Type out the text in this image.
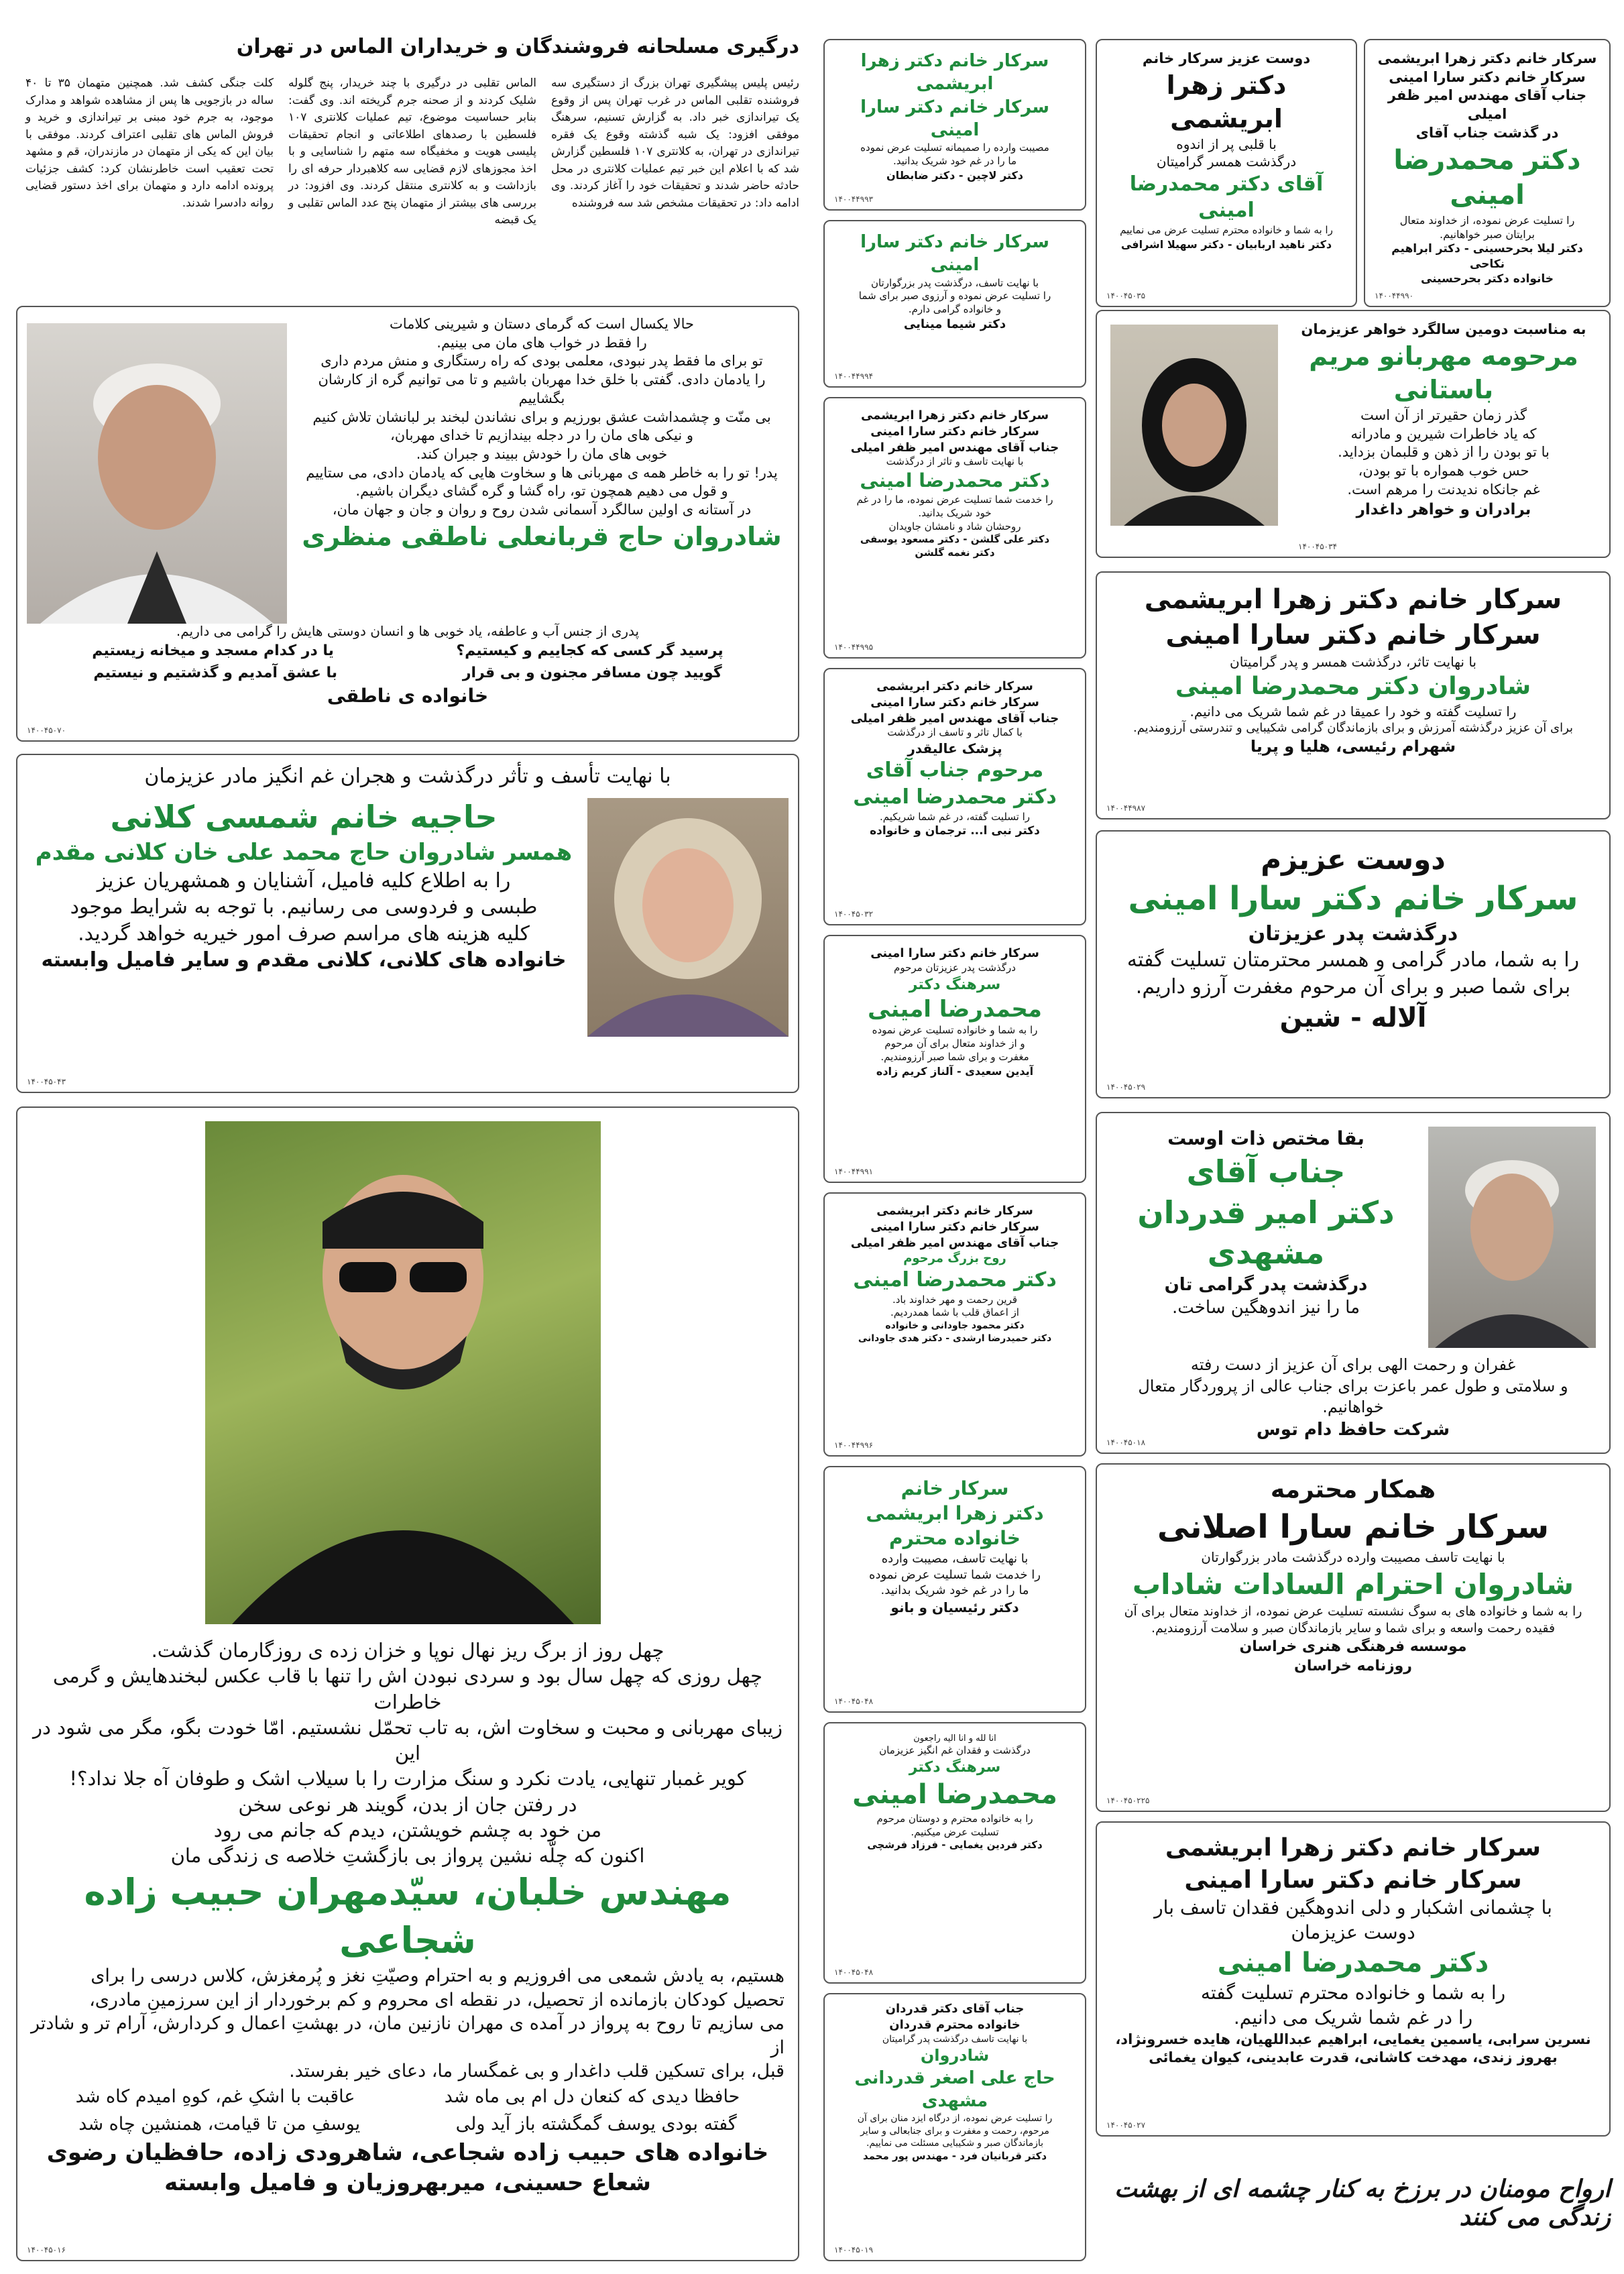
درگیری مسلحانه فروشندگان و خریداران الماس در تهران
رئیس پلیس پیشگیری تهران بزرگ از دستگیری سه فروشنده تقلبی الماس در غرب تهران پس از وقوع یک تیراندازی خبر داد. به گزارش تسنیم، سرهنگ موفقی افزود: یک شبه گذشته وقوع یک فقره تیراندازی در تهران، به کلانتری ۱۰۷ فلسطین گزارش شد که با اعلام این خبر تیم عملیات کلانتری در محل حادثه حاضر شدند و تحقیقات خود را آغاز کردند. وی ادامه داد: در تحقیقات مشخص شد سه فروشنده
الماس تقلبی در درگیری با چند خریدار، پنج گلوله شلیک کردند و از صحنه جرم گریخته اند. وی گفت: بنابر حساسیت موضوع، تیم عملیات کلانتری ۱۰۷ فلسطین با رصدهای اطلاعاتی و انجام تحقیقات پلیسی هویت و مخفیگاه سه متهم را شناسایی و با اخذ مجوزهای لازم قضایی سه کلاهبردار حرفه ای را بازداشت و به کلانتری منتقل کردند. وی افزود: در بررسی های بیشتر از متهمان پنج عدد الماس تقلبی و یک قبضه
کلت جنگی کشف شد. همچنین متهمان ۳۵ تا ۴۰ ساله در بازجویی ها پس از مشاهده شواهد و مدارک موجود، به جرم خود مبنی بر تیراندازی و خرید و فروش الماس های تقلبی اعتراف کردند. موفقی با بیان این که یکی از متهمان در مازندران، قم و مشهد تحت تعقیب است خاطرنشان کرد: کشف جزئیات پرونده ادامه دارد و متهمان برای اخذ دستور قضایی روانه دادسرا شدند.
سرکار خانم دکتر زهرا ابریشمی
سرکار خانم دکتر سارا امینی
جناب آقای مهندس امیر ظفر امیلی
در گذشت جناب آقای
دکتر محمدرضا امینی
را تسلیت عرض نموده، از خداوند متعال
برایتان صبر خواهانیم.
دکتر لیلا بحرحسینی - دکتر ابراهیم نکاحی
خانواده دکتر بحرحسینی
۱۴۰۰۴۴۹۹۰
به مناسبت دومین سالگرد خواهر عزیزمان
مرحومه مهربانو مریم باستانی
گذر زمان حقیرتر از آن است
که یاد خاطرات شیرین و مادرانه
با تو بودن را از ذهن و قلبمان بزداید.
حس خوب همواره با تو بودن،
غم جانکاه ندیدنت را مرهم است.
برادران و خواهر داغدار
۱۴۰۰۴۵۰۳۴
سرکار خانم دکتر زهرا ابریشمی
سرکار خانم دکتر سارا امینی
با نهایت تاثر، درگذشت همسر و پدر گرامیتان
شادروان دکتر محمدرضا امینی
را تسلیت گفته و خود را عمیقا در غم شما شریک می دانیم.
برای آن عزیز درگذشته آمرزش و برای بازماندگان گرامی شکیبایی و تندرستی آرزومندیم.
شهرام رئیسی، هلیا و پریا
۱۴۰۰۴۴۹۸۷
دوست عزیزم
سرکار خانم دکتر سارا امینی
درگذشت پدر عزیزتان
را به شما، مادر گرامی و همسر محترمتان تسلیت گفته
برای شما صبر و برای آن مرحوم مغفرت آرزو داریم.
آلاله - شین
۱۴۰۰۴۵۰۲۹
بقا مختص ذات اوست
جناب آقای
دکتر امیر قدردان مشهدی
درگذشت پدر گرامی تان
ما را نیز اندوهگین ساخت.
غفران و رحمت الهی برای آن عزیز از دست رفته
و سلامتی و طول عمر باعزت برای جناب عالی از پروردگار متعال خواهانیم.
شرکت حافظ دام توس
۱۴۰۰۴۵۰۱۸
همکار محترمه
سرکار خانم سارا اصلانی
با نهایت تاسف مصیبت وارده درگذشت مادر بزرگوارتان
شادروان احترام السادات شاداب
را به شما و خانواده های به سوگ نشسته تسلیت عرض نموده، از خداوند متعال برای آن
فقیده رحمت واسعه و برای شما و سایر بازماندگان صبر و سلامت آرزومندیم.
موسسه فرهنگی هنری خراسان
روزنامه خراسان
۱۴۰۰۴۵۰۲۲۵
سرکار خانم دکتر زهرا ابریشمی
سرکار خانم دکتر سارا امینی
با چشمانی اشکبار و دلی اندوهگین فقدان تاسف بار
دوست عزیزمان
دکتر محمدرضا امینی
را به شما و خانواده محترم تسلیت گفته
را در غم شما شریک می دانیم.
نسرین سرابی، یاسمین یغمایی، ابراهیم عبداللهیان، هایده خسرونژاد،
بهروز زندی، مهدخت کاشانی، قدرت عابدینی، کیوان یغمائی
۱۴۰۰۴۵۰۲۷
ارواح مومنان در برزخ به کنار چشمه ای از بهشت زندگی می کنند
دوست عزیز سرکار خانم
دکتر زهرا ابریشمی
با قلبی پر از اندوه
درگذشت همسر گرامیتان
آقای دکتر محمدرضا امینی
را به شما و خانواده محترم تسلیت عرض می نماییم
دکتر ناهید اربابیان - دکتر سهیلا اشرافی
۱۴۰۰۴۵۰۳۵
سرکار خانم دکتر زهرا ابریشمی
سرکار خانم دکتر سارا امینی
مصیبت وارده را صمیمانه تسلیت عرض نموده
ما را در غم خود شریک بدانید.
دکتر لاچین - دکتر ضابطان
۱۴۰۰۴۴۹۹۳
سرکار خانم دکتر سارا امینی
با نهایت تاسف، درگذشت پدر بزرگوارتان
را تسلیت عرض نموده و آرزوی صبر برای شما
و خانواده گرامی دارم.
دکتر شیما مینایی
۱۴۰۰۴۴۹۹۴
سرکار خانم دکتر زهرا ابریشمی
سرکار خانم دکتر سارا امینی
جناب آقای مهندس امیر ظفر امیلی
با نهایت تاسف و تاثر از درگذشت
دکتر محمدرضا امینی
را خدمت شما تسلیت عرض نموده، ما را در غم
خود شریک بدانید.
روحشان شاد و نامشان جاویدان
دکتر علی گلشن - دکتر مسعود یوسفی
دکتر نغمه گلشن
۱۴۰۰۴۴۹۹۵
سرکار خانم دکتر ابریشمی
سرکار خانم دکتر سارا امینی
جناب آقای مهندس امیر ظفر امیلی
با کمال تاثر و تاسف از درگذشت
پزشک عالیقدر
مرحوم جناب آقای
دکتر محمدرضا امینی
را تسلیت گفته، در غم شما شریکیم.
دکتر نبی ا... ترجمان و خانواده
۱۴۰۰۴۵۰۳۲
سرکار خانم دکتر سارا امینی
درگذشت پدر عزیزتان مرحوم
سرهنگ دکتر
محمدرضا امینی
را به شما و خانواده تسلیت عرض نموده
و از خداوند متعال برای آن مرحوم
مغفرت و برای شما صبر آرزومندیم.
آیدین سعیدی - آلناز کریم زاده
۱۴۰۰۴۴۹۹۱
سرکار خانم دکتر ابریشمی
سرکار خانم دکتر سارا امینی
جناب آقای مهندس امیر ظفر امیلی
روح بزرگ مرحوم
دکتر محمدرضا امینی
قرین رحمت و مهر خداوند باد.
از اعماق قلب با شما همدردیم.
دکتر محمود جاودانی و خانواده
دکتر حمیدرضا ارشدی - دکتر هدی جاودانی
۱۴۰۰۴۴۹۹۶
سرکار خانم
دکتر زهرا ابریشمی
خانواده محترم
با نهایت تاسف، مصیبت وارده
را خدمت شما تسلیت عرض نموده
ما را در غم خود شریک بدانید.
دکتر رئیسیان و بانو
۱۴۰۰۴۵۰۴۸
انا لله و انا الیه راجعون
درگذشت و فقدان غم انگیز عزیزمان
سرهنگ دکتر
محمدرضا امینی
را به خانواده محترم و دوستان مرحوم
تسلیت عرض میکنیم.
دکتر فردین یغمایی - فرزاد فرشچی
۱۴۰۰۴۵۰۴۸
جناب آقای دکتر قدردان
خانواده محترم قدردان
با نهایت تاسف درگذشت پدر گرامیتان
شادروان
حاج علی اصغر قدردانی مشهدی
را تسلیت عرض نموده، از درگاه ایزد منان برای آن
مرحوم، رحمت و مغفرت و برای جنابعالی و سایر
بازماندگان صبر و شکیبایی مسئلت می نماییم.
دکتر قربانیان فرد - مهندس پور محمد
۱۴۰۰۴۵۰۱۹
حالا یکسال است که گرمای دستان و شیرینی کلامات
را فقط در خواب های مان می بینیم.
تو برای ما فقط پدر نبودی، معلمی بودی که راه رستگاری و منش مردم داری
را یادمان دادی. گفتی با خلق خدا مهربان باشیم و تا می توانیم گره از کارشان بگشاییم
بی منّت و چشمداشت عشق بورزیم و برای نشاندن لبخند بر لبانشان تلاش کنیم
و نیکی های مان را در دجله بیندازیم تا خدای مهربان،
خوبی های مان را خودش ببیند و جبران کند.
پدر! تو را به خاطر همه ی مهربانی ها و سخاوت هایی که یادمان دادی، می ستاییم
و قول می دهیم همچون تو، راه گشا و گره گشای دیگران باشیم.
در آستانه ی اولین سالگرد آسمانی شدن روح و روان و جان و جهان مان،
شادروان حاج قربانعلی ناطقی منظری
پدری از جنس آب و عاطفه، یاد خوبی ها و انسان دوستی هایش را گرامی می داریم.
پرسید گر کسی که کجاییم و کیستیم؟
یا در کدام مسجد و میخانه زیستیم
گویید چون مسافر مجنون و بی قرار
با عشق آمدیم و گذشتیم و نیستیم
خانواده ی ناطقی
۱۴۰۰۴۵۰۷۰
با نهایت تأسف و تأثر درگذشت و هجران غم انگیز مادر عزیزمان
حاجیه خانم شمسی کلانی
همسر شادروان حاج محمد علی خان کلانی مقدم
را به اطلاع کلیه فامیل، آشنایان و همشهریان عزیز
طبسی و فردوسی می رسانیم. با توجه به شرایط موجود
کلیه هزینه های مراسم صرف امور خیریه خواهد گردید.
خانواده های کلانی، کلانی مقدم و سایر فامیل وابسته
۱۴۰۰۴۵۰۴۳
چهل روز از برگ ریز نهال نوپا و خزان زده ی روزگارمان گذشت.
چهل روزی که چهل سال بود و سردی نبودن اش را تنها با قاب عکس لبخندهایش و گرمی خاطرات
زیبای مهربانی و محبت و سخاوت اش، به تاب تحمّل نشستیم. امّا خودت بگو، مگر می شود در این
کویر غمبار تنهایی، یادت نکرد و سنگ مزارت را با سیلاب اشک و طوفان آه جلا نداد؟!
در رفتن جان از بدن، گویند هر نوعی سخن
من خود به چشم خویشتن، دیدم که جانم می رود
اکنون که چلّه نشین پرواز بی بازگشتِ خلاصه ی زندگی مان
مهندس خلبان، سیّدمهران حبیب زاده شجاعی
هستیم، به یادش شمعی می افروزیم و به احترام وصیّتِ نغز و پُرمغزش، کلاس درسی را برای
تحصیل کودکان بازمانده از تحصیل، در نقطه ای محروم و کم برخوردار از این سرزمینِ مادری،
می سازیم تا روح به پرواز در آمده ی مهران نازنین مان، در بهشتِ اعمال و کردارش، آرام تر و شادتر از
قبل، برای تسکین قلب داغدار و بی غمگسار ما، دعای خیر بفرستد.
حافظا دیدی که کنعان دل ام بی ماه شد
عاقبت با اشکِ غم، کوهِ امیدم کاه شد
گفته بودی یوسف گمگشته باز آید ولی
یوسفِ من تا قیامت، همنشین چاه شد
خانواده های حبیب زاده شجاعی، شاهرودی زاده، حافظیان رضوی
شعاع حسینی، میربهروزیان و فامیل وابسته
۱۴۰۰۴۵۰۱۶
